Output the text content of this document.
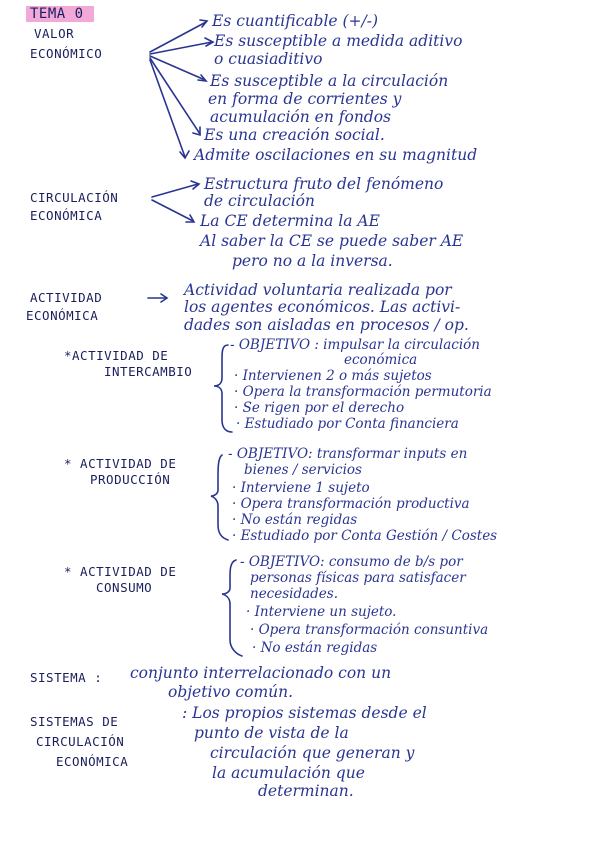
TEMA 0
VALOR
ECONÓMICO
Es cuantificable (+/-)
Es susceptible a medida aditivo
o cuasiaditivo
Es susceptible a la circulación
en forma de corrientes y
acumulación en fondos
Es una creación social.
Admite oscilaciones en su magnitud
CIRCULACIÓN
ECONÓMICA
Estructura fruto del fenómeno
de circulación
La CE determina la AE
Al saber la CE se puede saber AE
pero no a la inversa.
ACTIVIDAD
ECONÓMICA
Actividad voluntaria realizada por
los agentes económicos. Las activi-
dades son aisladas en procesos / op.
*ACTIVIDAD DE
INTERCAMBIO
- OBJETIVO : impulsar la circulación
económica
· Intervienen 2 o más sujetos
· Opera la transformación permutoria
· Se rigen por el derecho
· Estudiado por Conta financiera
* ACTIVIDAD DE
PRODUCCIÓN
- OBJETIVO: transformar inputs en
bienes / servicios
· Interviene 1 sujeto
· Opera transformación productiva
· No están regidas
· Estudiado por Conta Gestión / Costes
* ACTIVIDAD DE
CONSUMO
- OBJETIVO: consumo de b/s por
personas físicas para satisfacer
necesidades.
· Interviene un sujeto.
· Opera transformación consuntiva
· No están regidas
SISTEMA : conjunto interrelacionado con un
objetivo común.
SISTEMAS DE
CIRCULACIÓN
ECONÓMICA
: Los propios sistemas desde el
punto de vista de la
circulación que generan y
la acumulación que
determinan.
